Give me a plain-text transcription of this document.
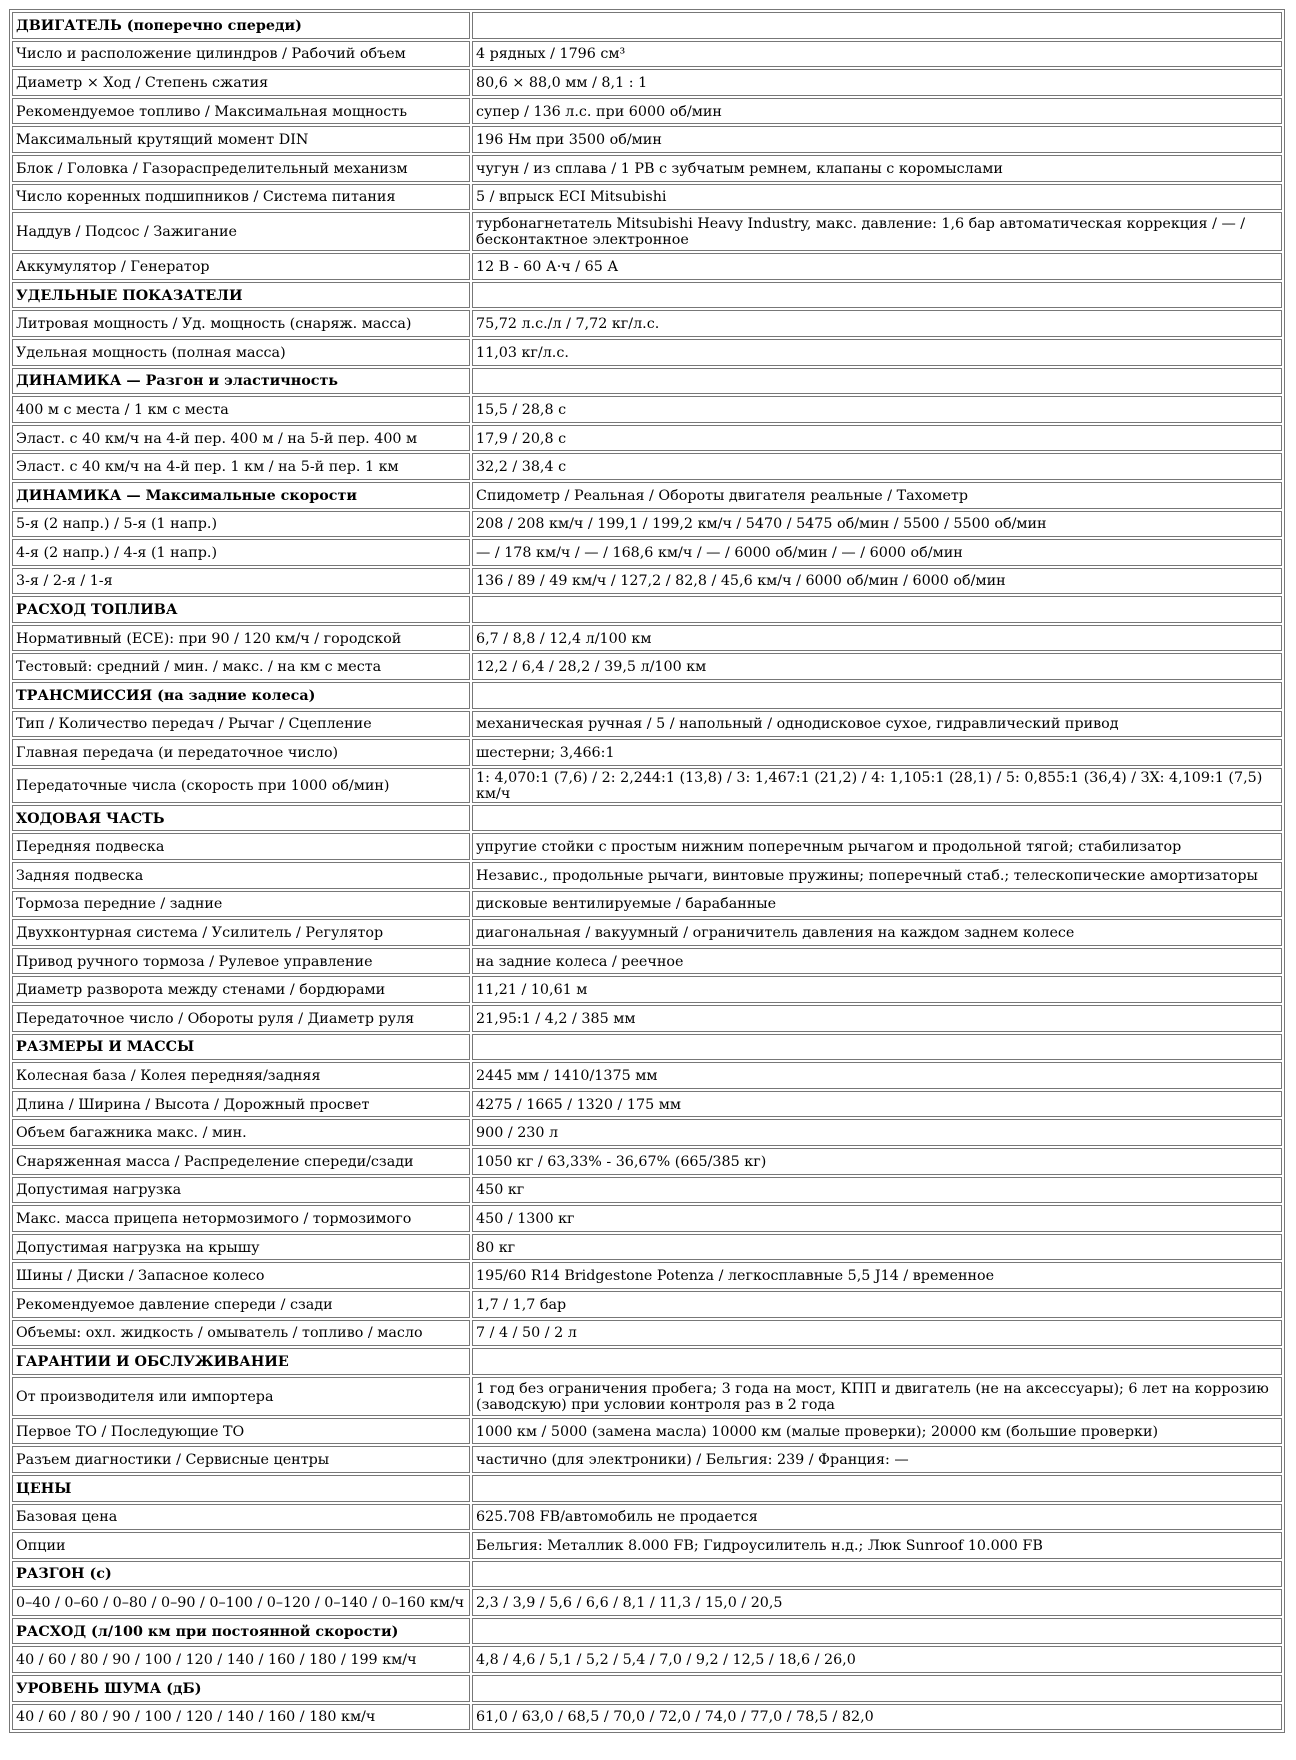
ДВИГАТЕЛЬ (поперечно спереди)	
Число и расположение цилиндров / Рабочий объем	4 рядных / 1796 см³
Диаметр × Ход / Степень сжатия	80,6 × 88,0 мм / 8,1 : 1
Рекомендуемое топливо / Максимальная мощность	супер / 136 л.с. при 6000 об/мин
Максимальный крутящий момент DIN	196 Нм при 3500 об/мин
Блок / Головка / Газораспределительный механизм	чугун / из сплава / 1 РВ с зубчатым ремнем, клапаны с коромыслами
Число коренных подшипников / Система питания	5 / впрыск ECI Mitsubishi
Наддув / Подсос / Зажигание	турбонагнетатель Mitsubishi Heavy Industry, макс. давление: 1,6 бар автоматическая коррекция / — / бесконтактное электронное
Аккумулятор / Генератор	12 В - 60 А·ч / 65 А
УДЕЛЬНЫЕ ПОКАЗАТЕЛИ	
Литровая мощность / Уд. мощность (снаряж. масса)	75,72 л.с./л / 7,72 кг/л.с.
Удельная мощность (полная масса)	11,03 кг/л.с.
ДИНАМИКА — Разгон и эластичность	
400 м с места / 1 км с места	15,5 / 28,8 с
Эласт. с 40 км/ч на 4-й пер. 400 м / на 5-й пер. 400 м	17,9 / 20,8 с
Эласт. с 40 км/ч на 4-й пер. 1 км / на 5-й пер. 1 км	32,2 / 38,4 с
ДИНАМИКА — Максимальные скорости	Спидометр / Реальная / Обороты двигателя реальные / Тахометр
5-я (2 напр.) / 5-я (1 напр.)	208 / 208 км/ч / 199,1 / 199,2 км/ч / 5470 / 5475 об/мин / 5500 / 5500 об/мин
4-я (2 напр.) / 4-я (1 напр.)	— / 178 км/ч / — / 168,6 км/ч / — / 6000 об/мин / — / 6000 об/мин
3-я / 2-я / 1-я	136 / 89 / 49 км/ч / 127,2 / 82,8 / 45,6 км/ч / 6000 об/мин / 6000 об/мин
РАСХОД ТОПЛИВА	
Нормативный (ECE): при 90 / 120 км/ч / городской	6,7 / 8,8 / 12,4 л/100 км
Тестовый: средний / мин. / макс. / на км с места	12,2 / 6,4 / 28,2 / 39,5 л/100 км
ТРАНСМИССИЯ (на задние колеса)	
Тип / Количество передач / Рычаг / Сцепление	механическая ручная / 5 / напольный / однодисковое сухое, гидравлический привод
Главная передача (и передаточное число)	шестерни; 3,466:1
Передаточные числа (скорость при 1000 об/мин)	1: 4,070:1 (7,6) / 2: 2,244:1 (13,8) / 3: 1,467:1 (21,2) / 4: 1,105:1 (28,1) / 5: 0,855:1 (36,4) / ЗХ: 4,109:1 (7,5) км/ч
ХОДОВАЯ ЧАСТЬ	
Передняя подвеска	упругие стойки с простым нижним поперечным рычагом и продольной тягой; стабилизатор
Задняя подвеска	Независ., продольные рычаги, винтовые пружины; поперечный стаб.; телескопические амортизаторы
Тормоза передние / задние	дисковые вентилируемые / барабанные
Двухконтурная система / Усилитель / Регулятор	диагональная / вакуумный / ограничитель давления на каждом заднем колесе
Привод ручного тормоза / Рулевое управление	на задние колеса / реечное
Диаметр разворота между стенами / бордюрами	11,21 / 10,61 м
Передаточное число / Обороты руля / Диаметр руля	21,95:1 / 4,2 / 385 мм
РАЗМЕРЫ И МАССЫ	
Колесная база / Колея передняя/задняя	2445 мм / 1410/1375 мм
Длина / Ширина / Высота / Дорожный просвет	4275 / 1665 / 1320 / 175 мм
Объем багажника макс. / мин.	900 / 230 л
Снаряженная масса / Распределение спереди/сзади	1050 кг / 63,33% - 36,67% (665/385 кг)
Допустимая нагрузка	450 кг
Макс. масса прицепа нетормозимого / тормозимого	450 / 1300 кг
Допустимая нагрузка на крышу	80 кг
Шины / Диски / Запасное колесо	195/60 R14 Bridgestone Potenza / легкосплавные 5,5 J14 / временное
Рекомендуемое давление спереди / сзади	1,7 / 1,7 бар
Объемы: охл. жидкость / омыватель / топливо / масло	7 / 4 / 50 / 2 л
ГАРАНТИИ И ОБСЛУЖИВАНИЕ	
От производителя или импортера	1 год без ограничения пробега; 3 года на мост, КПП и двигатель (не на аксессуары); 6 лет на коррозию (заводскую) при условии контроля раз в 2 года
Первое ТО / Последующие ТО	1000 км / 5000 (замена масла) 10000 км (малые проверки); 20000 км (большие проверки)
Разъем диагностики / Сервисные центры	частично (для электроники) / Бельгия: 239 / Франция: —
ЦЕНЫ	
Базовая цена	625.708 FB/автомобиль не продается
Опции	Бельгия: Металлик 8.000 FB; Гидроусилитель н.д.; Люк Sunroof 10.000 FB
РАЗГОН (с)	
0–40 / 0–60 / 0–80 / 0–90 / 0–100 / 0–120 / 0–140 / 0–160 км/ч	2,3 / 3,9 / 5,6 / 6,6 / 8,1 / 11,3 / 15,0 / 20,5
РАСХОД (л/100 км при постоянной скорости)	
40 / 60 / 80 / 90 / 100 / 120 / 140 / 160 / 180 / 199 км/ч	4,8 / 4,6 / 5,1 / 5,2 / 5,4 / 7,0 / 9,2 / 12,5 / 18,6 / 26,0
УРОВЕНЬ ШУМА (дБ)	
40 / 60 / 80 / 90 / 100 / 120 / 140 / 160 / 180 км/ч	61,0 / 63,0 / 68,5 / 70,0 / 72,0 / 74,0 / 77,0 / 78,5 / 82,0
